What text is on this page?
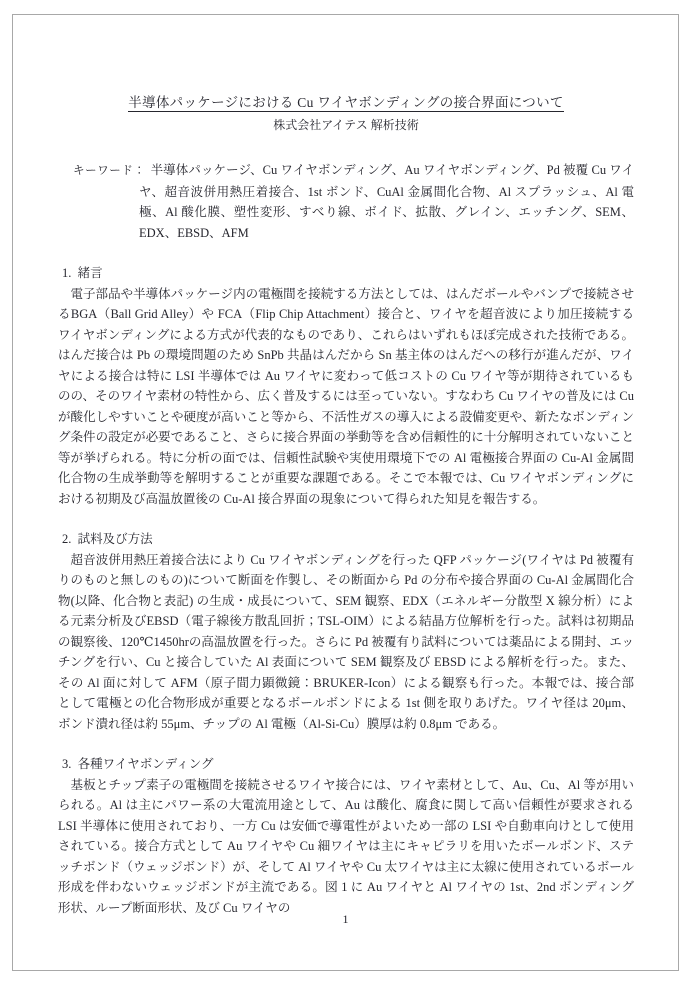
半導体パッケージにおける Cu ワイヤボンディングの接合界面について
株式会社アイテス 解析技術
キーワード： 半導体パッケージ、Cu ワイヤボンディング、Au ワイヤボンディング、Pd 被覆 Cu ワイヤ、超音波併用熱圧着接合、1st ボンド、CuAl 金属間化合物、Al スプラッシュ、Al 電極、Al 酸化膜、塑性変形、すべり線、ボイド、拡散、グレイン、エッチング、SEM、EDX、EBSD、AFM
1.  緒言

電子部品や半導体パッケージ内の電極間を接続する方法としては、はんだボールやバンプで接続させるBGA（Ball Grid Alley）や FCA（Flip Chip Attachment）接合と、ワイヤを超音波により加圧接続するワイヤボンディングによる方式が代表的なものであり、これらはいずれもほぼ完成された技術である。はんだ接合は Pb の環境問題のため SnPb 共晶はんだから Sn 基主体のはんだへの移行が進んだが、ワイヤによる接合は特に LSI 半導体では Au ワイヤに変わって低コストの Cu ワイヤ等が期待されているものの、そのワイヤ素材の特性から、広く普及するには至っていない。すなわち Cu ワイヤの普及には Cu が酸化しやすいことや硬度が高いこと等から、不活性ガスの導入による設備変更や、新たなボンディング条件の設定が必要であること、さらに接合界面の挙動等を含め信頼性的に十分解明されていないこと等が挙げられる。特に分析の面では、信頼性試験や実使用環境下での Al 電極接合界面の Cu-Al 金属間化合物の生成挙動等を解明することが重要な課題である。そこで本報では、Cu ワイヤボンディングにおける初期及び高温放置後の Cu-Al 接合界面の現象について得られた知見を報告する。

2.  試料及び方法

超音波併用熱圧着接合法により Cu ワイヤボンディングを行った QFP パッケージ(ワイヤは Pd 被覆有りのものと無しのもの)について断面を作製し、その断面から Pd の分布や接合界面の Cu-Al 金属間化合物(以降、化合物と表記) の生成・成長について、SEM 観察、EDX（エネルギー分散型 X 線分析）による元素分析及びEBSD（電子線後方散乱回折；TSL-OIM）による結晶方位解析を行った。試料は初期品の観察後、120℃1450hrの高温放置を行った。さらに Pd 被覆有り試料については薬品による開封、エッチングを行い、Cu と接合していた Al 表面について SEM 観察及び EBSD による解析を行った。また、その Al 面に対して AFM（原子間力顕微鏡：BRUKER-Icon）による観察も行った。本報では、接合部として電極との化合物形成が重要となるボールボンドによる 1st 側を取りあげた。ワイヤ径は 20μm、ボンド潰れ径は約 55μm、チップの Al 電極（Al-Si-Cu）膜厚は約 0.8μm である。

3.  各種ワイヤボンディング

基板とチップ素子の電極間を接続させるワイヤ接合には、ワイヤ素材として、Au、Cu、Al 等が用いられる。Al は主にパワー系の大電流用途として、Au は酸化、腐食に関して高い信頼性が要求される LSI 半導体に使用されており、一方 Cu は安価で導電性がよいため一部の LSI や自動車向けとして使用されている。接合方式として Au ワイヤや Cu 細ワイヤは主にキャピラリを用いたボールボンド、ステッチボンド（ウェッジボンド）が、そして Al ワイヤや Cu 太ワイヤは主に太線に使用されているボール形成を伴わないウェッジボンドが主流である。図 1 に Au ワイヤと Al ワイヤの 1st、2nd ボンディング形状、ループ断面形状、及び Cu ワイヤの

1
